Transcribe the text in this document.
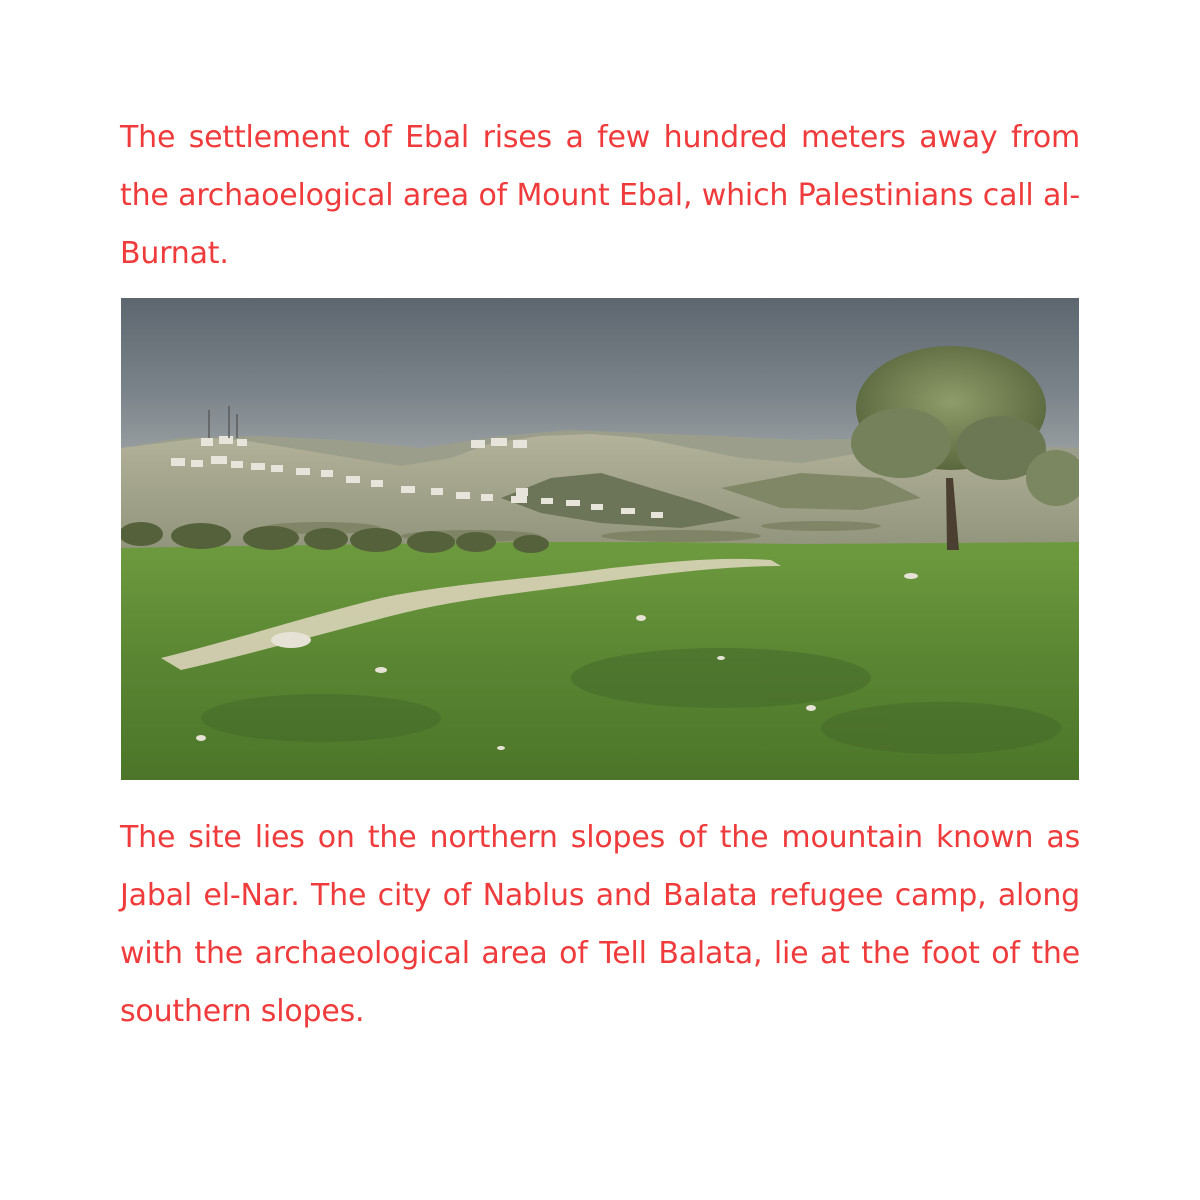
The settlement of Ebal rises a few hundred meters away from the archaoelogical area of Mount Ebal, which Palestinians call al-Burnat.

The site lies on the northern slopes of the mountain known as Jabal el-Nar. The city of Nablus and Balata refugee camp, along with the archaeological area of Tell Balata, lie at the foot of the southern slopes.
